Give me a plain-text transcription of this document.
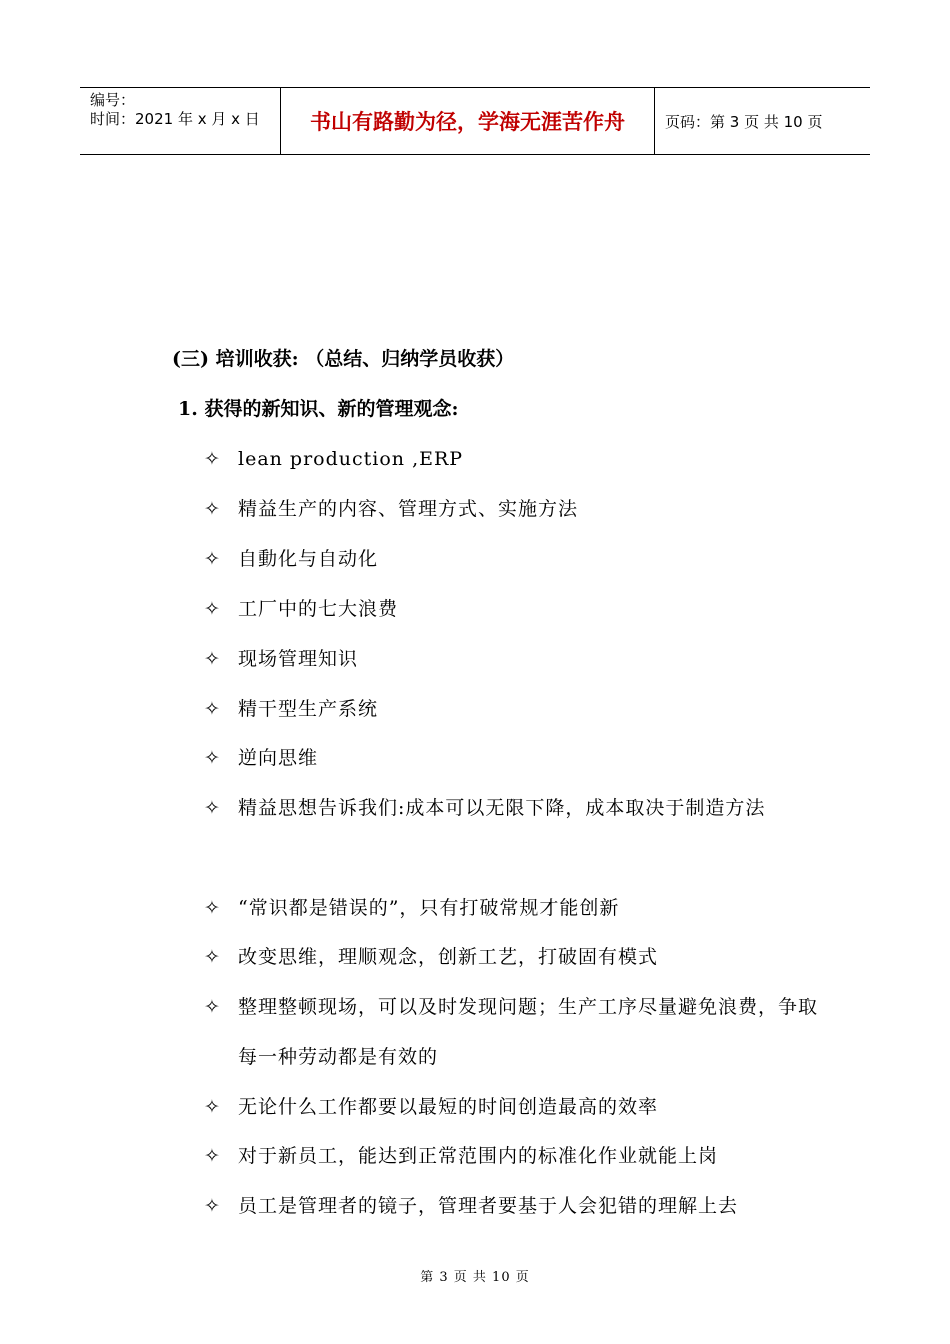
编号：
时间：2021 年 x 月 x 日	书山有路勤为径，学海无涯苦作舟	页码：第 3 页 共 10 页
(三) 培训收获: （总结、归纳学员收获）
1. 获得的新知识、新的管理观念:
✧ lean production ,ERP
✧ 精益生产的内容、管理方式、实施方法
✧ 自動化与自动化
✧ 工厂中的七大浪费
✧ 现场管理知识
✧ 精干型生产系统
✧ 逆向思维
✧ 精益思想告诉我们:成本可以无限下降，成本取决于制造方法
✧ “常识都是错误的”，只有打破常规才能创新
✧ 改变思维，理顺观念，创新工艺，打破固有模式
✧ 整理整顿现场，可以及时发现问题；生产工序尽量避免浪费，争取每一种劳动都是有效的
✧ 无论什么工作都要以最短的时间创造最高的效率
✧ 对于新员工，能达到正常范围内的标准化作业就能上岗
✧ 员工是管理者的镜子，管理者要基于人会犯错的理解上去
第 3 页 共 10 页
